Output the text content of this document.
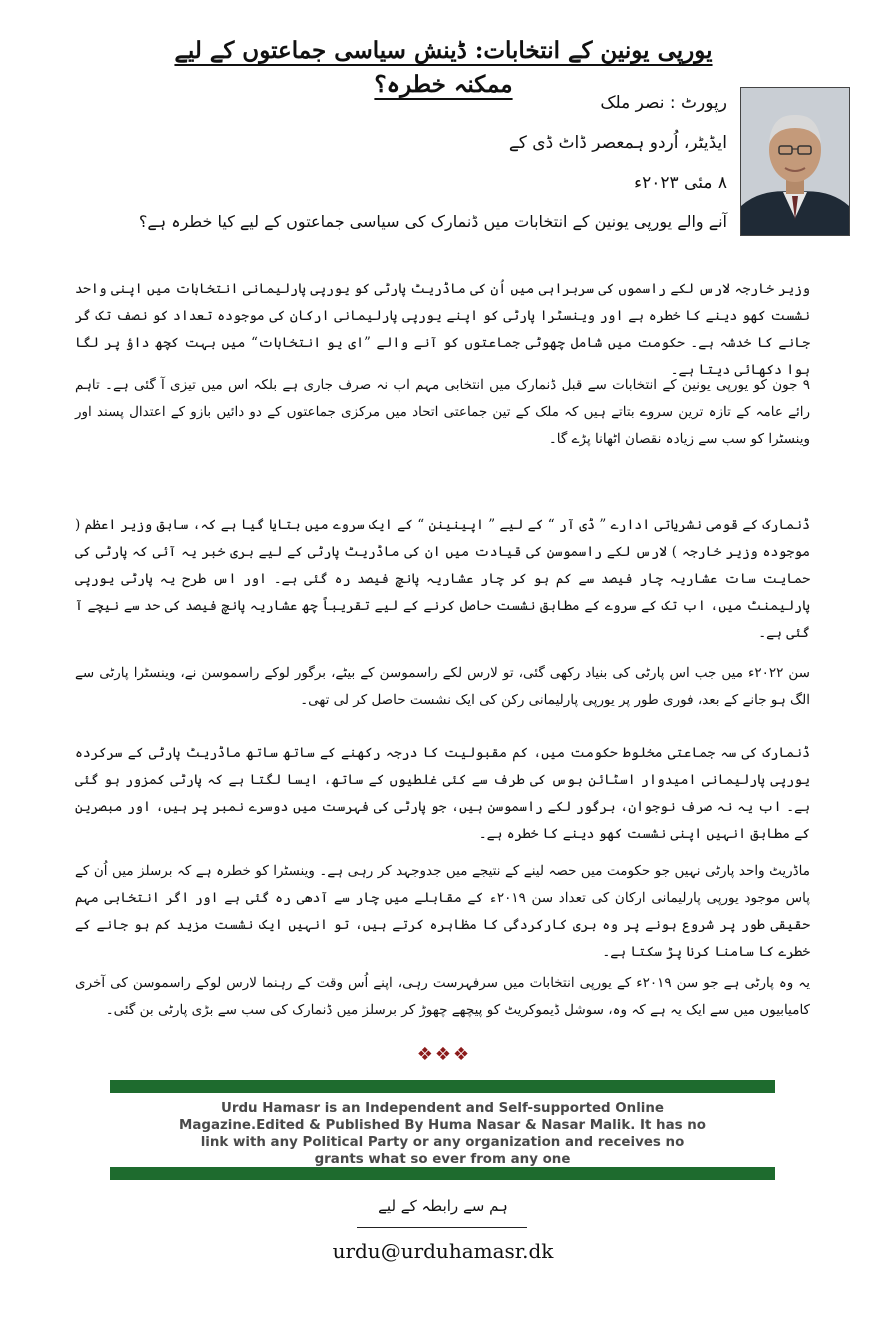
یورپی یونین کے انتخابات: ڈینش سیاسی جماعتوں کے لیے ممکنہ خطرہ؟
رپورٹ : نصر ملک
ایڈیٹر، اُردو ہمعصر ڈاٹ ڈی کے
۸ مئی ۲۰۲۳ء
آنے والے یورپی یونین کے انتخابات میں ڈنمارک کی سیاسی جماعتوں کے لیے کیا خطرہ ہے؟
وزیر خارجہ لارس لکے راسموں کی سربراہی میں اُن کی ماڈریٹ پارٹی کو یورپی پارلیمانی انتخابات میں اپنی واحد نشست کھو دینے کا خطرہ ہے اور وینسٹرا پارٹی کو اپنے یورپی پارلیمانی ارکان کی موجودہ تعداد کو نصف تک گر جانے کا خدشہ ہے۔ حکومت میں شامل چھوٹی جماعتوں کو آنے والے ”ای یو انتخابات“ میں بہت کچھ داؤ پر لگا ہوا دکھائی دیتا ہے۔
۹ جون کو یورپی یونین کے انتخابات سے قبل ڈنمارک میں انتخابی مہم اب نہ صرف جاری ہے بلکہ اس میں تیزی آ گئی ہے۔ تاہم رائے عامہ کے تازہ ترین سروے بتاتے ہیں کہ ملک کے تین جماعتی اتحاد میں مرکزی جماعتوں کے دو دائیں بازو کے اعتدال پسند اور وینسٹرا کو سب سے زیادہ نقصان اٹھانا پڑے گا۔
ڈنمارک کے قومی نشریاتی ادارے ” ڈی آر “ کے لیے ” اپینینن “ کے ایک سروے میں بتایا گیا ہے کہ، سابق وزیر اعظم ( موجودہ وزیر خارجہ ) لارس لکے راسموسن کی قیادت میں ان کی ماڈریٹ پارٹی کے لیے بری خبر یہ آئی کہ پارٹی کی حمایت سات عشاریہ چار فیصد سے کم ہو کر چار عشاریہ پانچ فیصد رہ گئی ہے۔ اور اس طرح یہ پارٹی یورپی پارلیمنٹ میں، اب تک کے سروے کے مطابق نشست حاصل کرنے کے لیے تقریباً چھ عشاریہ پانچ فیصد کی حد سے نیچے آ گئی ہے۔
سن ۲۰۲۲ء میں جب اس پارٹی کی بنیاد رکھی گئی، تو لارس لکے راسموسن کے بیٹے، برگور لوکے راسموسن نے، وینسٹرا پارٹی سے الگ ہو جانے کے بعد، فوری طور پر یورپی پارلیمانی رکن کی ایک نشست حاصل کر لی تھی۔
ڈنمارک کی سہ جماعتی مخلوط حکومت میں، کم مقبولیت کا درجہ رکھنے کے ساتھ ساتھ ماڈریٹ پارٹی کے سرکردہ یورپی پارلیمانی امیدوار اسٹائن بوس کی طرف سے کئی غلطیوں کے ساتھ، ایسا لگتا ہے کہ پارٹی کمزور ہو گئی ہے۔ اب یہ نہ صرف نوجوان، برگور لکے راسموسن ہیں، جو پارٹی کی فہرست میں دوسرے نمبر پر ہیں، اور مبصرین کے مطابق انہیں اپنی نشست کھو دینے کا خطرہ ہے۔
ماڈریٹ واحد پارٹی نہیں جو حکومت میں حصہ لینے کے نتیجے میں جدوجہد کر رہی ہے۔ وینسٹرا کو خطرہ ہے کہ برسلز میں اُن کے پاس موجود یورپی پارلیمانی ارکان کی تعداد سن ۲۰۱۹ء کے مقابلے میں چار سے آدھی رہ گئی ہے اور اگر انتخابی مہم حقیقی طور پر شروع ہونے پر وہ بری کارکردگی کا مظاہرہ کرتے ہیں، تو انہیں ایک نشست مزید کم ہو جانے کے خطرے کا سامنا کرنا پڑ سکتا ہے۔
یہ وہ پارٹی ہے جو سن ۲۰۱۹ء کے یورپی انتخابات میں سرفہرست رہی، اپنے اُس وقت کے رہنما لارس لوکے راسموسن کی آخری کامیابیوں میں سے ایک یہ ہے کہ وہ، سوشل ڈیموکریٹ کو پیچھے چھوڑ کر برسلز میں ڈنمارک کی سب سے بڑی پارٹی بن گئی۔
❖❖❖
Urdu Hamasr is an Independent and Self-supported Online
Magazine.Edited & Published By Huma Nasar & Nasar Malik. It has no
link with any Political Party or any organization and receives no
grants what so ever from any one
ہم سے رابطہ کے لیے
urdu@urduhamasr.dk
